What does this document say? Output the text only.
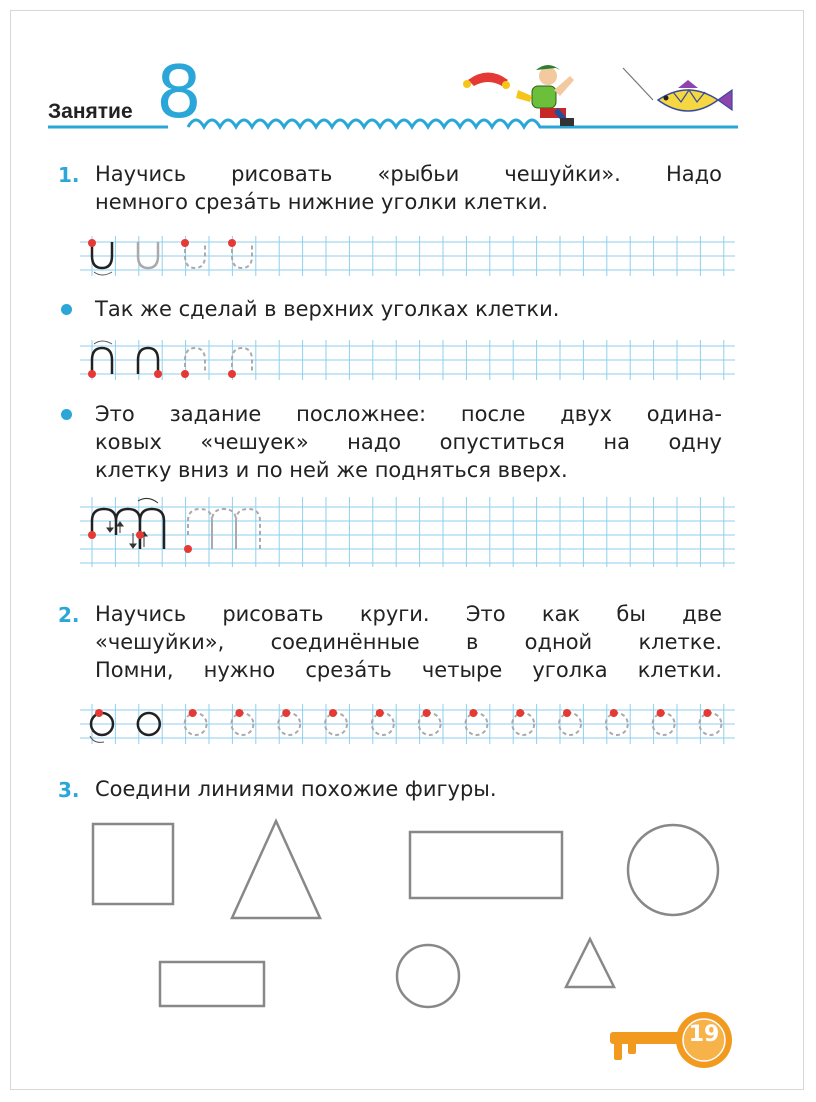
Занятие 8
1. Научись рисовать «рыбьи чешуйки». Надо
немного срезáть нижние уголки клетки.
Так же сделай в верхних уголках клетки.
Это задание посложнее: после двух одина-
ковых «чешуек» надо опуститься на одну
клетку вниз и по ней же подняться вверх.
2. Научись рисовать круги. Это как бы две
«чешуйки», соединённые в одной клетке.
Помни, нужно срезáть четыре уголка клетки.
3. Соедини линиями похожие фигуры.
19
